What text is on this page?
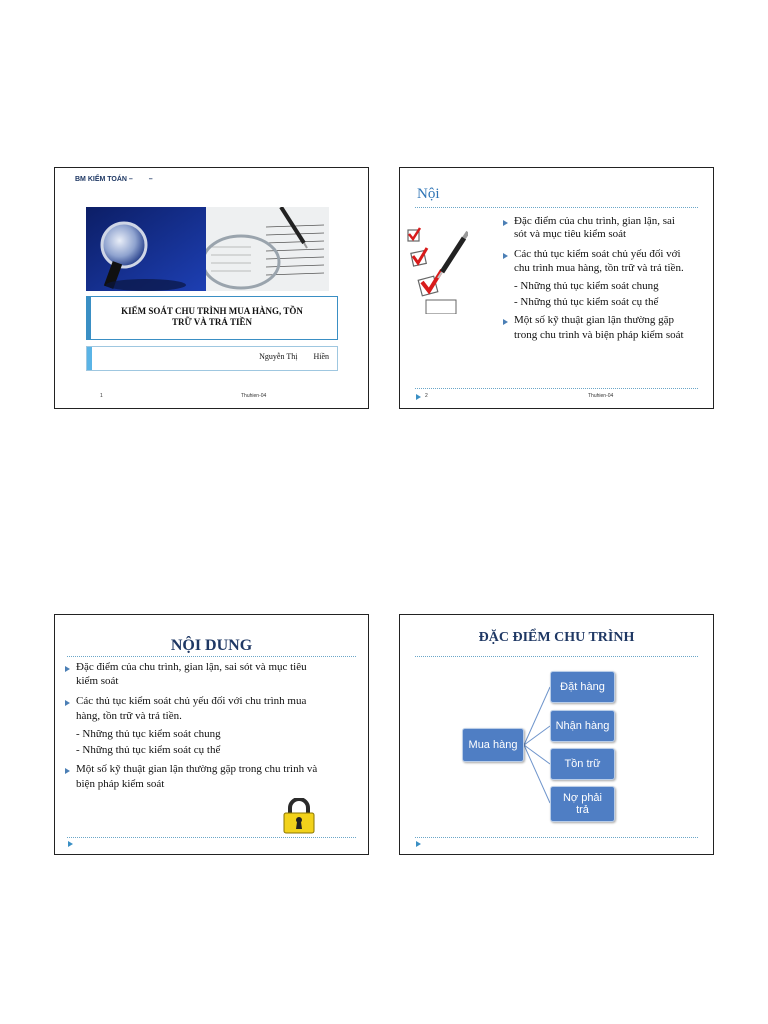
BM KIỂM TOÁN – –
KIỂM SOÁT CHU TRÌNH MUA HÀNG, TỒN
TRỮ VÀ TRẢ TIỀN
Nguyễn Thị Hiền
1	Thuhien-04
Nội
Đặc điểm của chu trình, gian lận, sai
sót và mục tiêu kiểm soát
Các thủ tục kiểm soát chủ yếu đối với
chu trình mua hàng, tồn trữ và trả tiền.
- Những thủ tục kiểm soát chung
- Những thủ tục kiểm soát cụ thể
Một số kỹ thuật gian lận thường gặp
trong chu trình và biện pháp kiểm soát
2	Thuhien-04
NỘI DUNG
Đặc điểm của chu trình, gian lận, sai sót và mục tiêu
kiểm soát
Các thủ tục kiểm soát chủ yếu đối với chu trình mua
hàng, tồn trữ và trả tiền.
- Những thủ tục kiểm soát chung
- Những thủ tục kiểm soát cụ thể
Một số kỹ thuật gian lận thường gặp trong chu trình và
biện pháp kiểm soát
ĐẶC ĐIỂM CHU TRÌNH
Mua hàng
Đặt hàng
Nhận hàng
Tồn trữ
Nợ phải trả
